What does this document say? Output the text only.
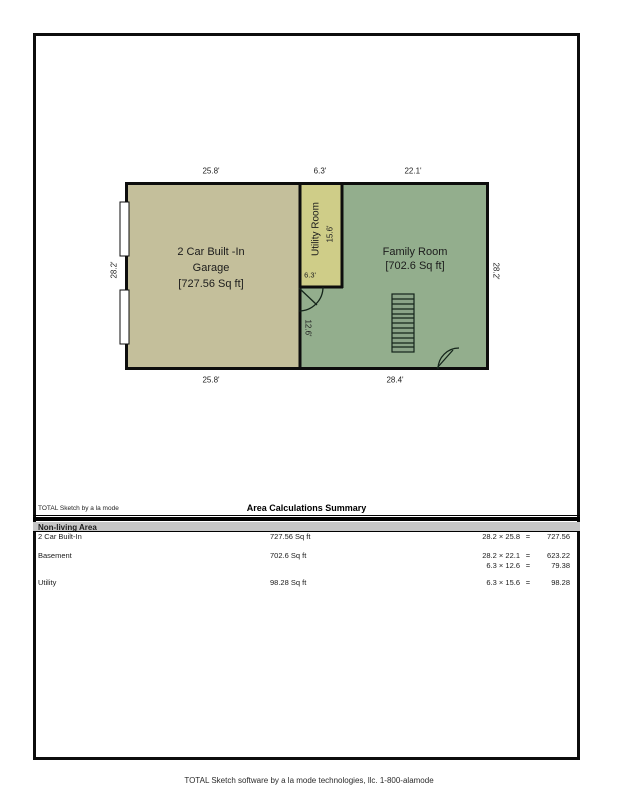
25.8'	6.3'	22.1'
28.2'	28.2'
25.8'	28.4'
12.6'
2 Car Built -In
Garage
[727.56 Sq ft]
Family Room
[702.6 Sq ft]
Utility Room 15.6'
6.3'
TOTAL Sketch by a la mode	Area Calculations Summary
Non-living Area
2 Car Built-In	727.56 Sq ft	28.2 × 25.8 =	727.56
Basement	702.6 Sq ft	28.2 × 22.1 =	623.22
6.3 × 12.6 =	79.38
Utility	98.28 Sq ft	6.3 × 15.6 =	98.28
TOTAL Sketch software by a la mode technologies, llc. 1-800-alamode
